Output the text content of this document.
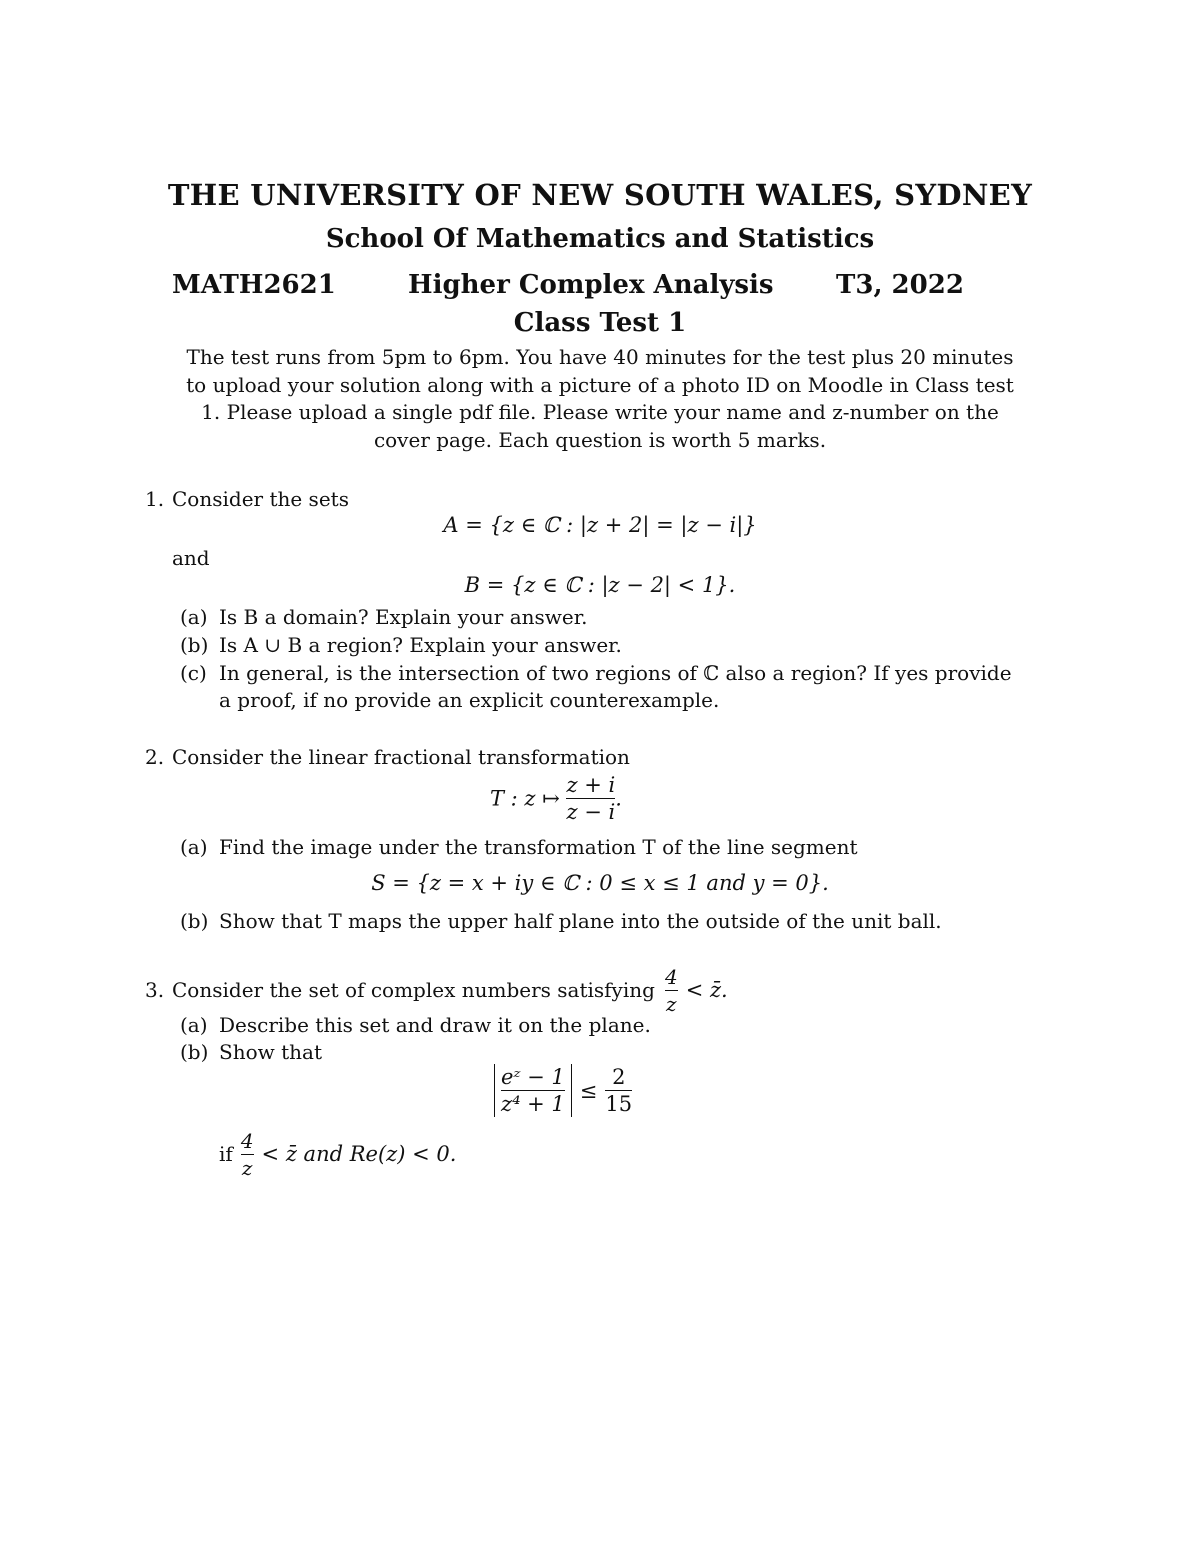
THE UNIVERSITY OF NEW SOUTH WALES, SYDNEY
School Of Mathematics and Statistics
MATH2621	Higher Complex Analysis T3, 2022
Class Test 1
The test runs from 5pm to 6pm. You have 40 minutes for the test plus 20 minutes
to upload your solution along with a picture of a photo ID on Moodle in Class test
1. Please upload a single pdf file. Please write your name and z-number on the
cover page. Each question is worth 5 marks.
1. Consider the sets
A = {z ∈ ℂ : |z + 2| = |z − i|}
and
B = {z ∈ ℂ : |z − 2| < 1}.
(a) Is B a domain? Explain your answer.
(b) Is A ∪ B a region? Explain your answer.
(c) In general, is the intersection of two regions of ℂ also a region? If yes provide
a proof, if no provide an explicit counterexample.
2. Consider the linear fractional transformation
T : z ↦ $\frac{z + i}{z - i}$ .
(a) Find the image under the transformation T of the line segment
S = {z = x + iy ∈ ℂ : 0 ≤ x ≤ 1 and y = 0}.
(b) Show that T maps the upper half plane into the outside of the unit ball.
3. Consider the set of complex numbers satisfying $\frac{4}{z}$ < z̄.
(a) Describe this set and draw it on the plane.
(b) Show that
$\frac{\text{eᶻ − 1}}{\text{z⁴ + 1}} \le \frac{2}{15}$
if $\frac{4}{z}$ < z̄ and Re(z) < 0.
